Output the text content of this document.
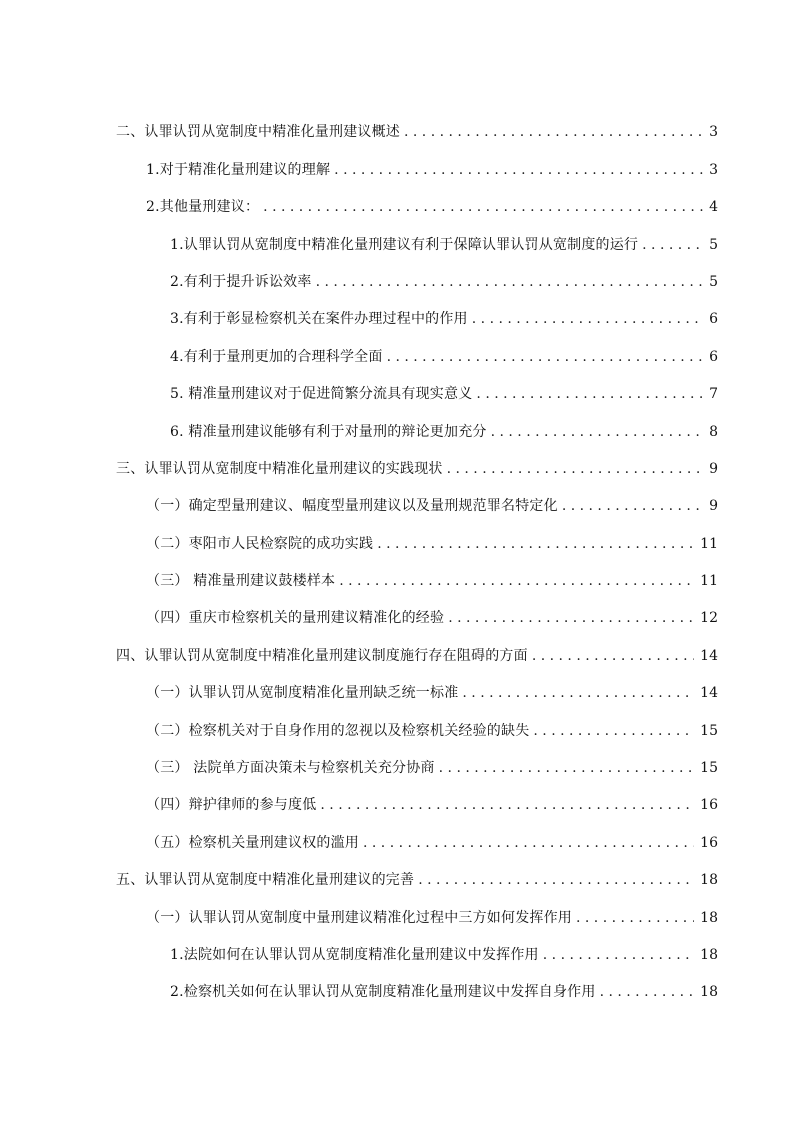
二、认罪认罚从宽制度中精准化量刑建议概述 . . .	3
1.对于精准化量刑建议的理解 . . .	3
2.其他量刑建议： . . .	4
1.认罪认罚从宽制度中精准化量刑建议有利于保障认罪认罚从宽制度的运行 . . .	5
2.有利于提升诉讼效率 . . .	5
3.有利于彰显检察机关在案件办理过程中的作用 . . .	6
4.有利于量刑更加的合理科学全面 . . .	6
5. 精准量刑建议对于促进简繁分流具有现实意义 . . .	7
6. 精准量刑建议能够有利于对量刑的辩论更加充分 . . .	8
三、认罪认罚从宽制度中精准化量刑建议的实践现状 . . .	9
（一）确定型量刑建议、幅度型量刑建议以及量刑规范罪名特定化 . . .	9
（二）枣阳市人民检察院的成功实践 . . .	11
（三） 精准量刑建议鼓楼样本 . . .	11
（四）重庆市检察机关的量刑建议精准化的经验 . . .	12
四、认罪认罚从宽制度中精准化量刑建议制度施行存在阻碍的方面 . . .	14
（一）认罪认罚从宽制度精准化量刑缺乏统一标准 . . .	14
（二）检察机关对于自身作用的忽视以及检察机关经验的缺失 . . .	15
（三） 法院单方面决策未与检察机关充分协商 . . .	15
（四）辩护律师的参与度低 . . .	16
（五）检察机关量刑建议权的滥用 . . .	16
五、认罪认罚从宽制度中精准化量刑建议的完善 . . .	18
（一）认罪认罚从宽制度中量刑建议精准化过程中三方如何发挥作用 . . .	18
1.法院如何在认罪认罚从宽制度精准化量刑建议中发挥作用 . . .	18
2.检察机关如何在认罪认罚从宽制度精准化量刑建议中发挥自身作用 . . .	18
